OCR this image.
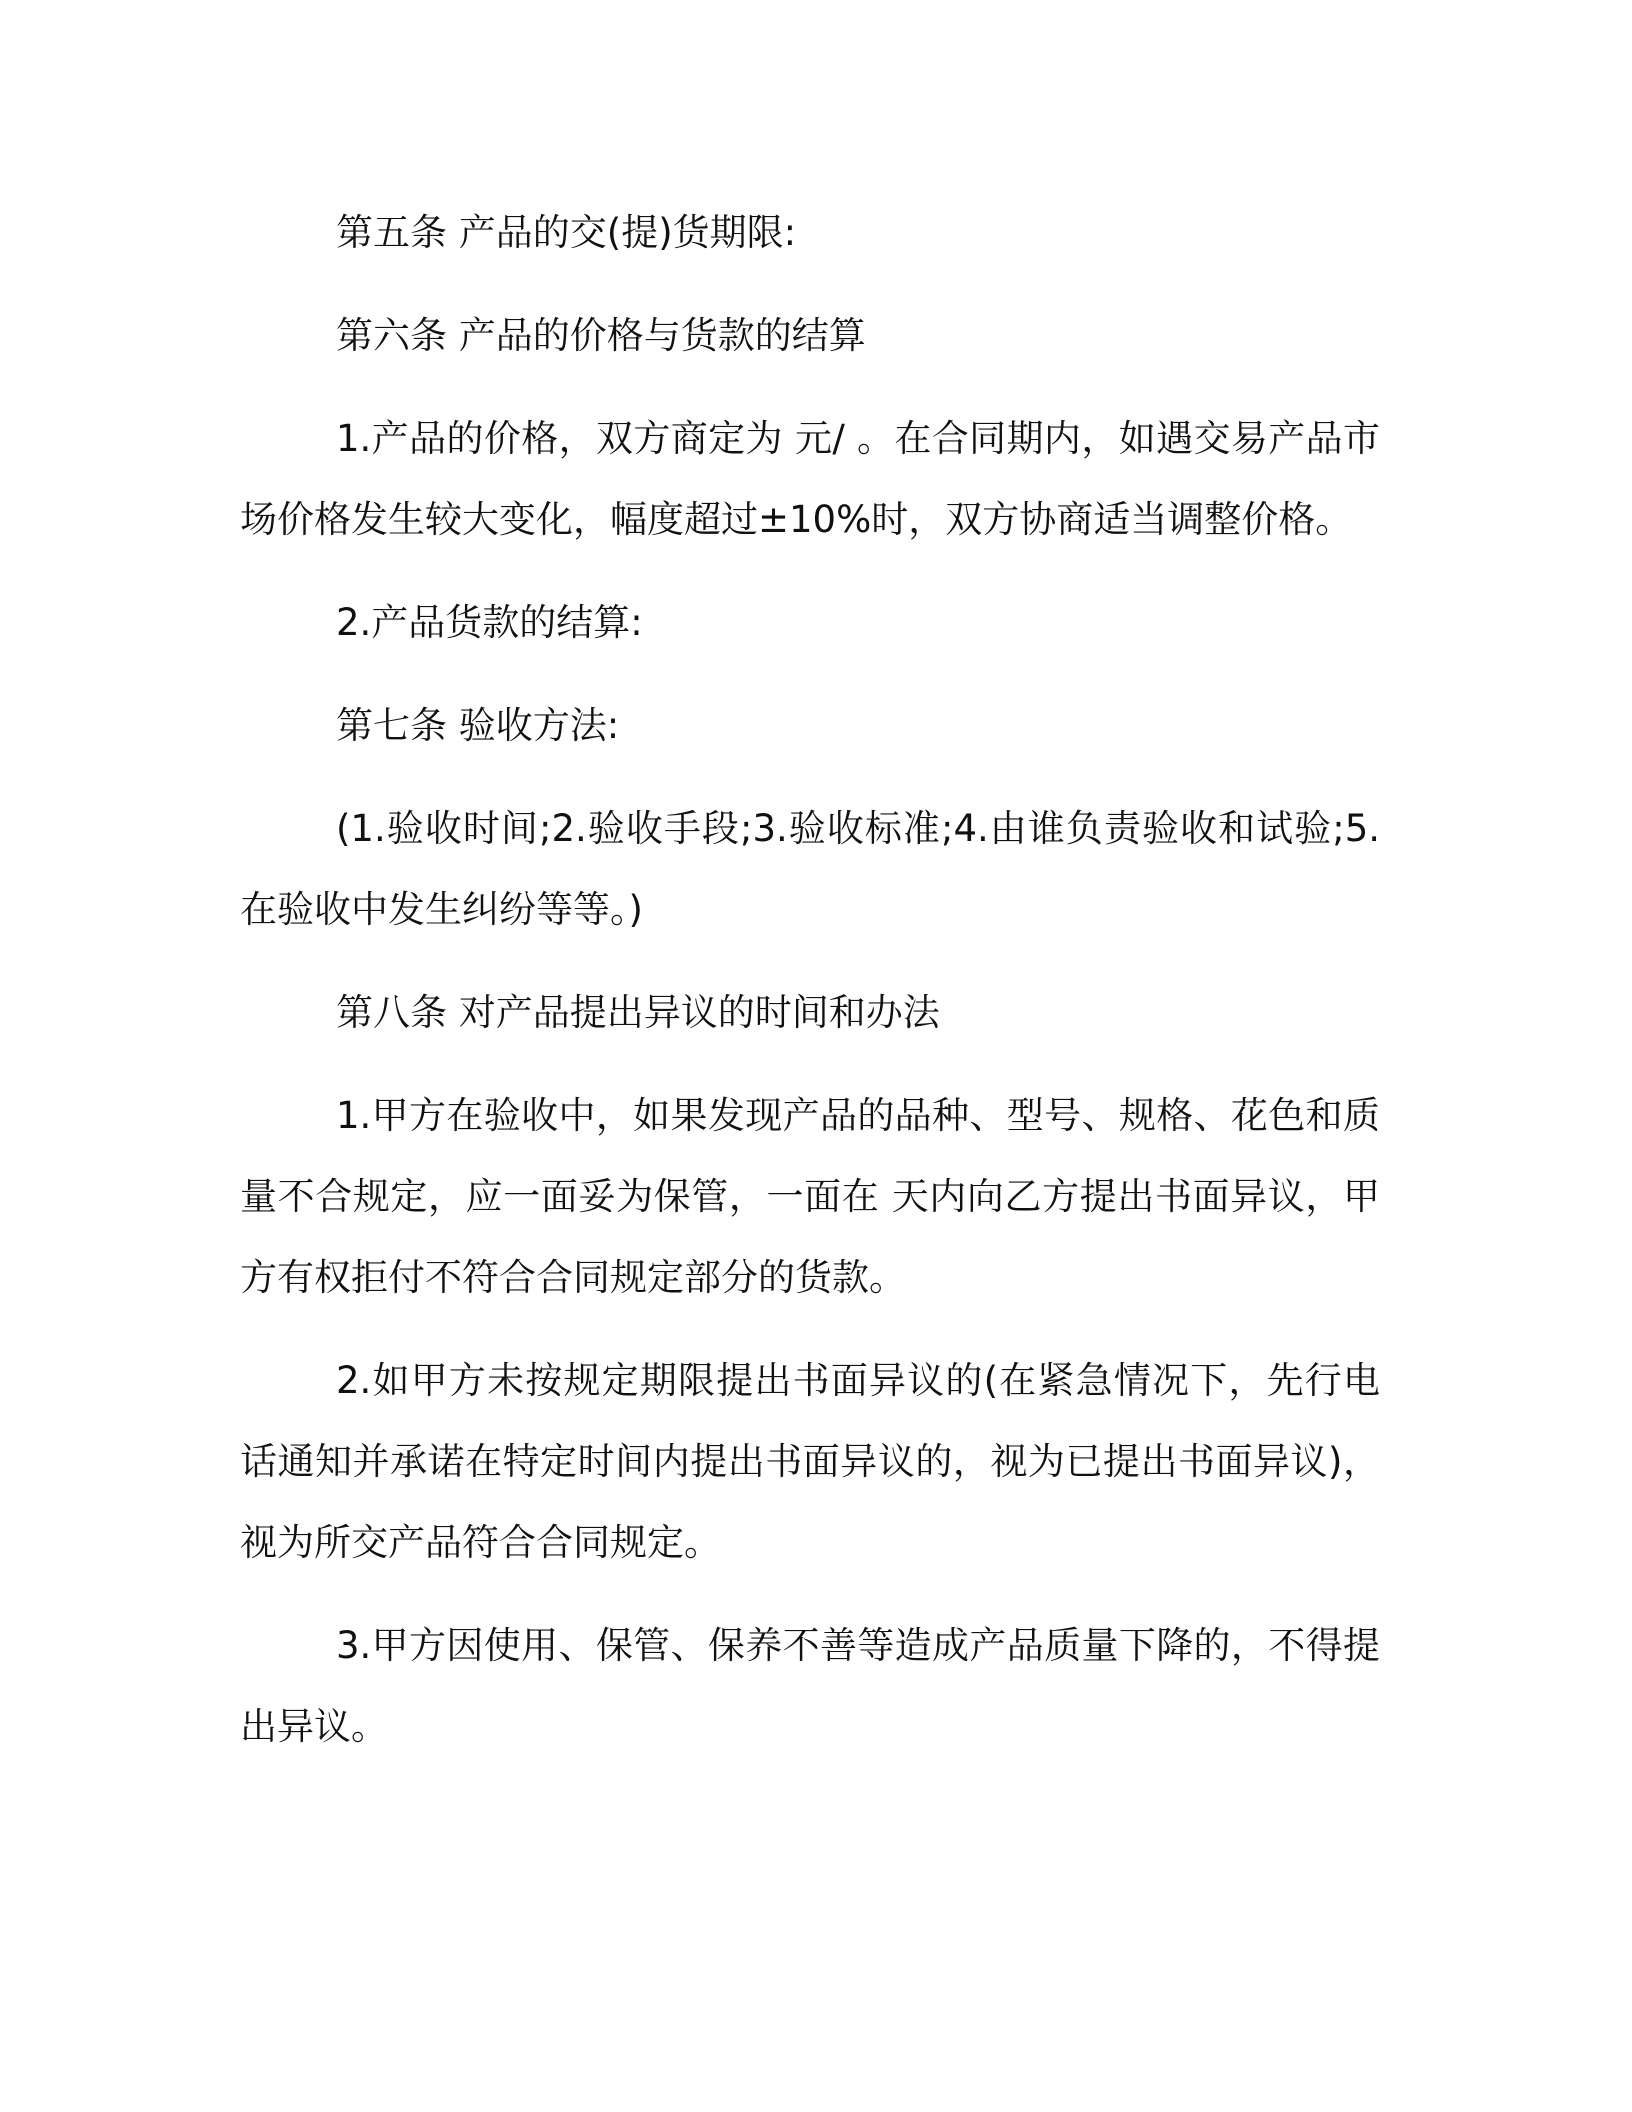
第五条 产品的交(提)货期限:

第六条 产品的价格与货款的结算

1.产品的价格，双方商定为 元/ 。在合同期内，如遇交易产品市场价格发生较大变化，幅度超过±10%时，双方协商适当调整价格。

2.产品货款的结算:

第七条 验收方法:

(1.验收时间;2.验收手段;3.验收标准;4.由谁负责验收和试验;5.在验收中发生纠纷等等。)

第八条 对产品提出异议的时间和办法

1.甲方在验收中，如果发现产品的品种、型号、规格、花色和质量不合规定，应一面妥为保管，一面在 天内向乙方提出书面异议，甲方有权拒付不符合合同规定部分的货款。

2.如甲方未按规定期限提出书面异议的(在紧急情况下，先行电话通知并承诺在特定时间内提出书面异议的，视为已提出书面异议)，视为所交产品符合合同规定。

3.甲方因使用、保管、保养不善等造成产品质量下降的，不得提出异议。
